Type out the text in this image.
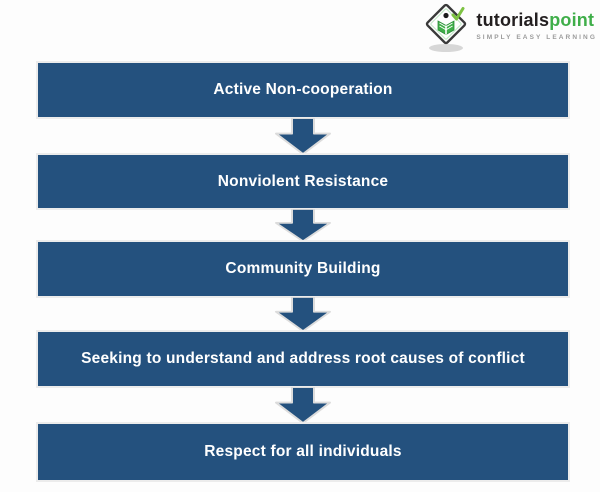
tutorialspoint
SIMPLY EASY LEARNING
Active Non-cooperation
Nonviolent Resistance
Community Building
Seeking to understand and address root causes of conflict
Respect for all individuals
